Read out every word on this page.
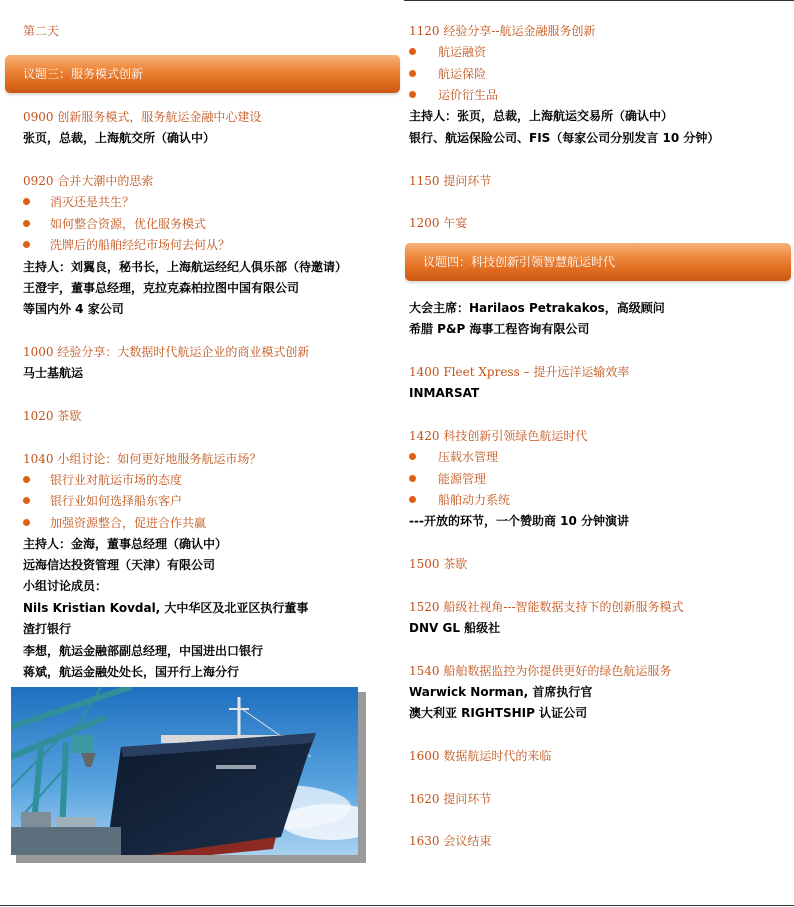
第二天
议题三：服务模式创新
0900 创新服务模式，服务航运金融中心建设
张页，总裁，上海航交所（确认中）
0920 合并大潮中的思索
消灭还是共生？
如何整合资源，优化服务模式
洗牌后的船舶经纪市场何去何从？
主持人：刘翼良，秘书长，上海航运经纪人俱乐部（待邀请）
王澄宇，董事总经理，克拉克森柏拉图中国有限公司
等国内外 4 家公司
1000 经验分享：大数据时代航运企业的商业模式创新
马士基航运
1020 茶歇
1040 小组讨论：如何更好地服务航运市场？
银行业对航运市场的态度
银行业如何选择船东客户
加强资源整合，促进合作共赢
主持人：金海，董事总经理（确认中）
远海信达投资管理（天津）有限公司
小组讨论成员：
Nils Kristian Kovdal, 大中华区及北亚区执行董事
渣打银行
李想，航运金融部副总经理，中国进出口银行
蒋斌，航运金融处处长，国开行上海分行
1120 经验分享--航运金融服务创新
航运融资
航运保险
运价衍生品
主持人：张页，总裁，上海航运交易所（确认中）
银行、航运保险公司、FIS（每家公司分别发言 10 分钟）
1150 提问环节
1200 午宴
议题四：科技创新引领智慧航运时代
大会主席：Harilaos Petrakakos，高级顾问
希腊 P&P 海事工程咨询有限公司
1400 Fleet Xpress – 提升远洋运输效率
INMARSAT
1420 科技创新引领绿色航运时代
压载水管理
能源管理
船舶动力系统
---开放的环节，一个赞助商 10 分钟演讲
1500 茶歇
1520 船级社视角---智能数据支持下的创新服务模式
DNV GL 船级社
1540 船舶数据监控为你提供更好的绿色航运服务
Warwick Norman, 首席执行官
澳大利亚 RIGHTSHIP 认证公司
1600 数据航运时代的来临
1620 提问环节
1630 会议结束
